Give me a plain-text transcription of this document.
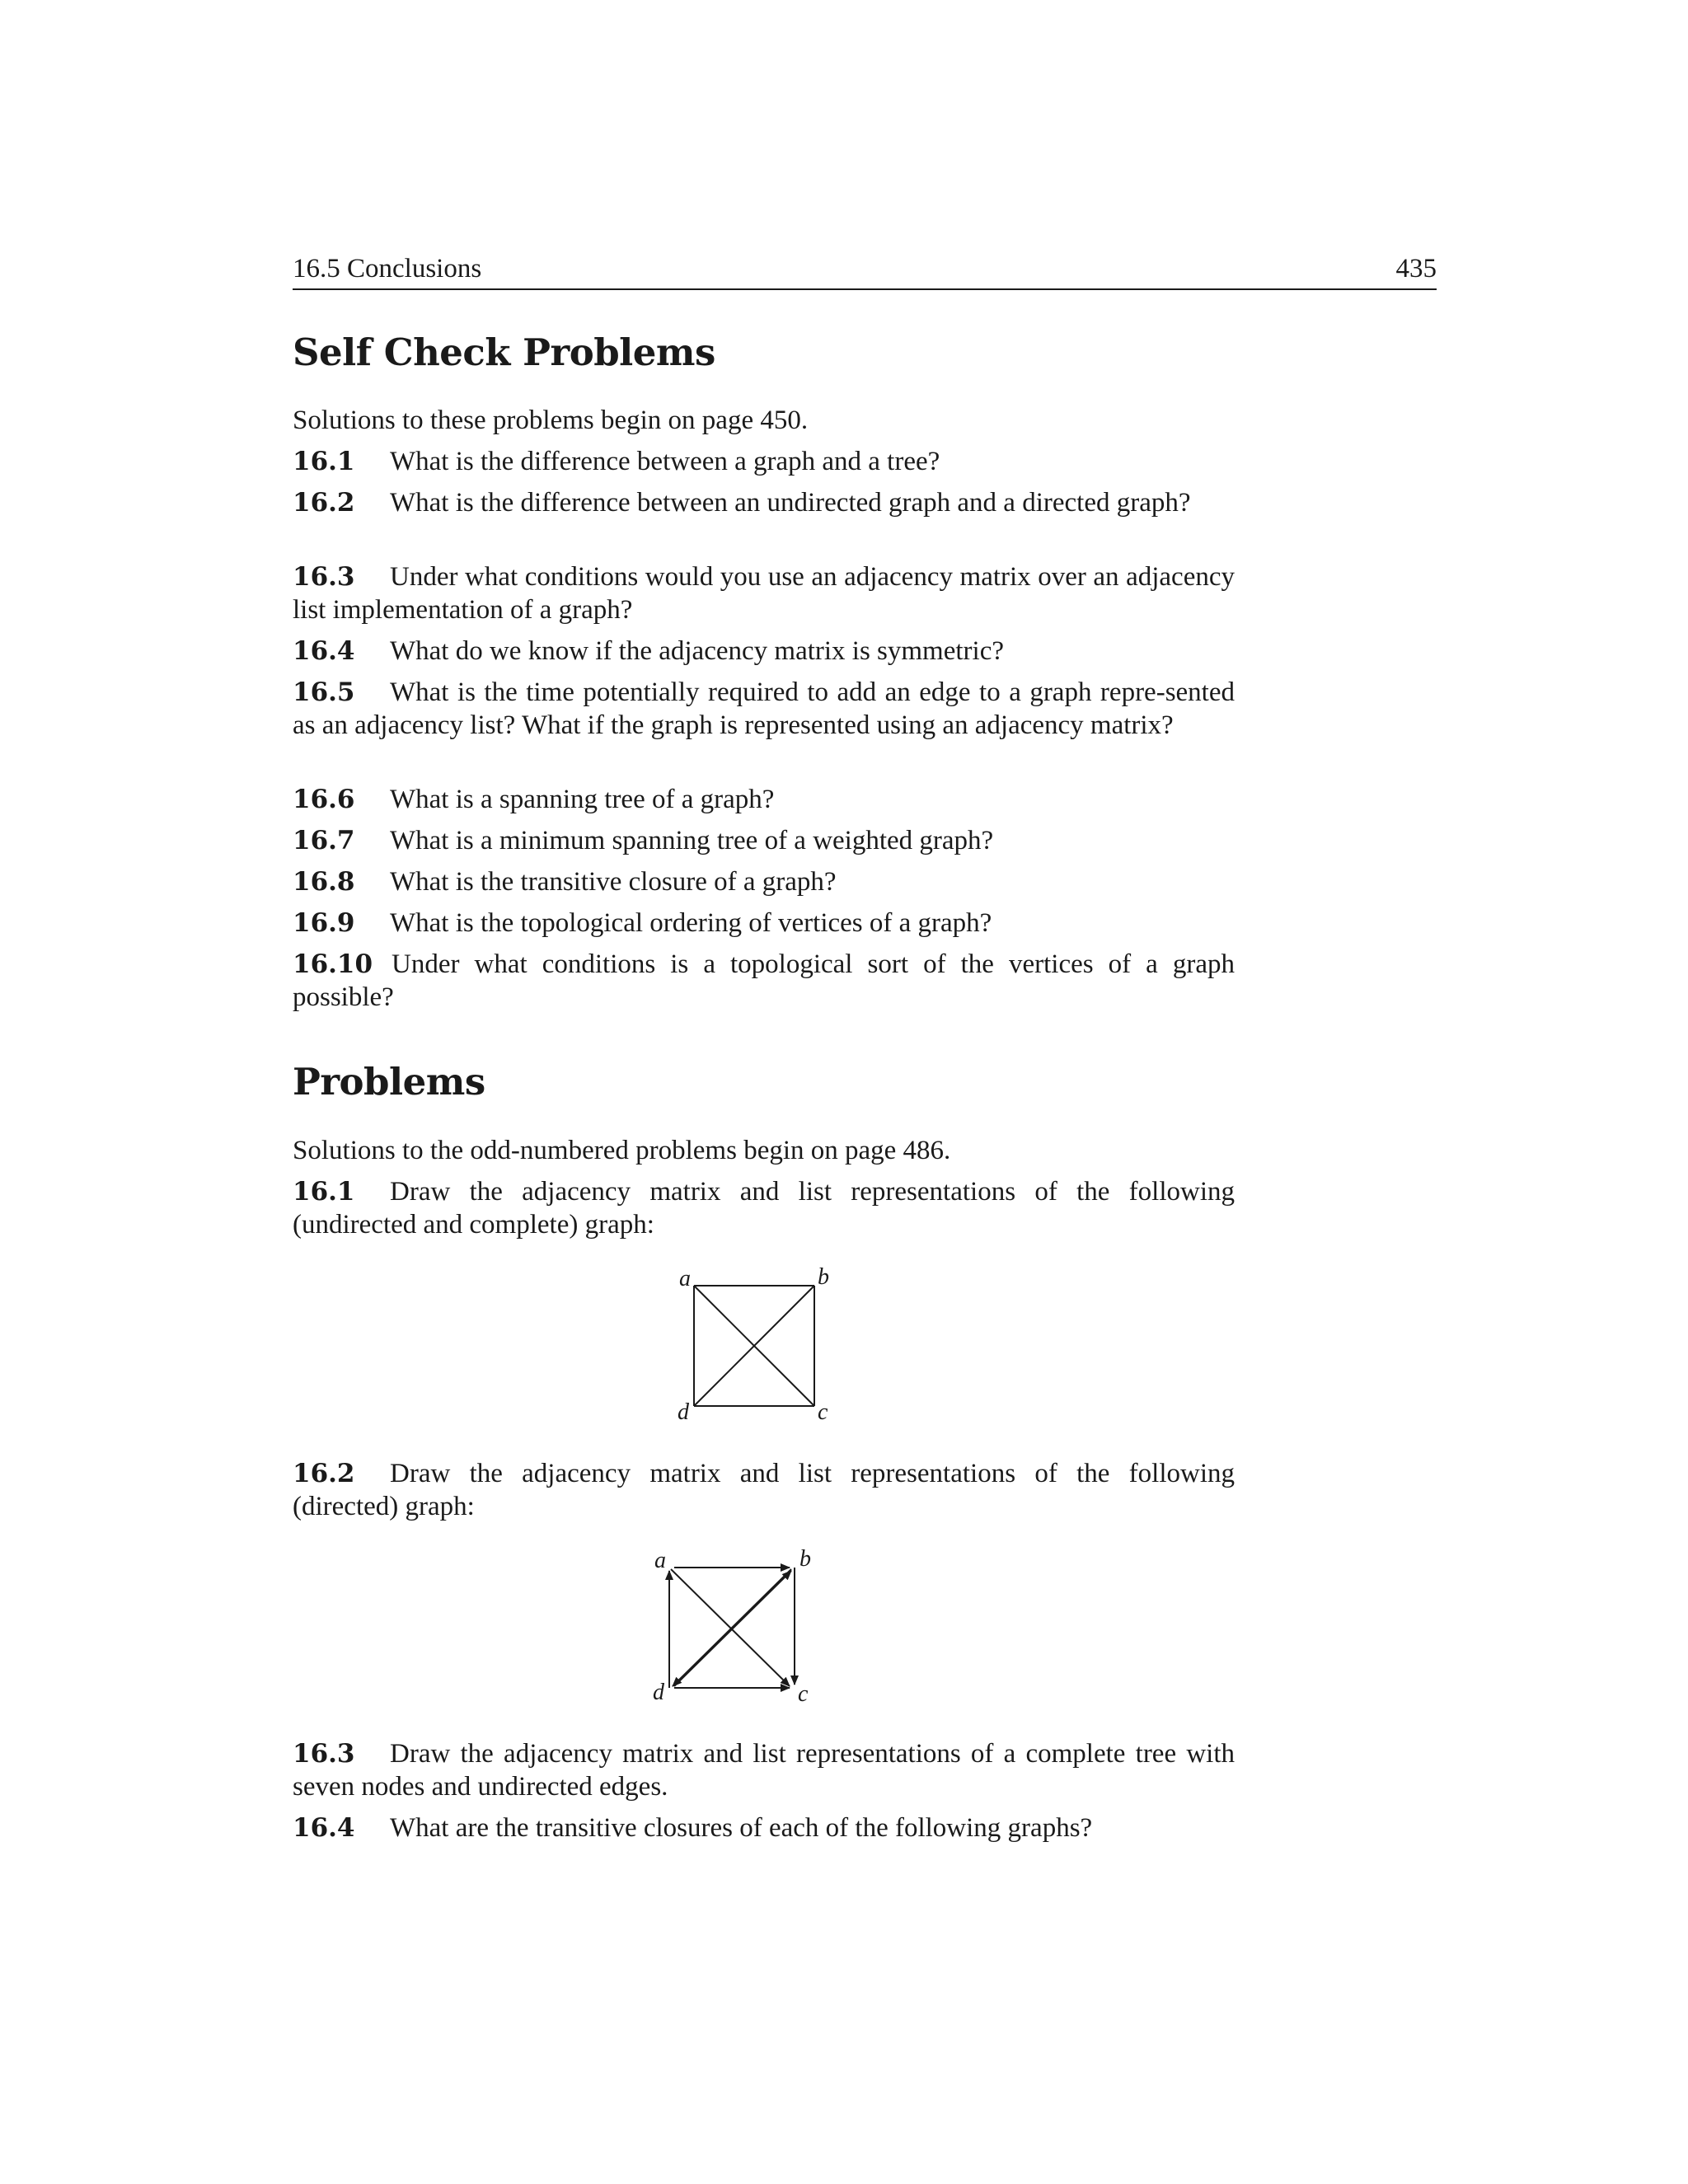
16.5 Conclusions	435
Self Check Problems
Solutions to these problems begin on page 450.
16.1 What is the difference between a graph and a tree?
16.2 What is the difference between an undirected graph and a directed graph?
16.3 Under what conditions would you use an adjacency matrix over an adjacency list implementation of a graph?
16.4 What do we know if the adjacency matrix is symmetric?
16.5 What is the time potentially required to add an edge to a graph repre-sented as an adjacency list? What if the graph is represented using an adjacency matrix?
16.6 What is a spanning tree of a graph?
16.7 What is a minimum spanning tree of a weighted graph?
16.8 What is the transitive closure of a graph?
16.9 What is the topological ordering of vertices of a graph?
16.10 Under what conditions is a topological sort of the vertices of a graph possible?
Problems
Solutions to the odd-numbered problems begin on page 486.
16.1 Draw the adjacency matrix and list representations of the following (undirected and complete) graph:
a	b
c
d
16.2 Draw the adjacency matrix and list representations of the following (directed) graph:
a	b
c
d
16.3 Draw the adjacency matrix and list representations of a complete tree with seven nodes and undirected edges.
16.4 What are the transitive closures of each of the following graphs?
